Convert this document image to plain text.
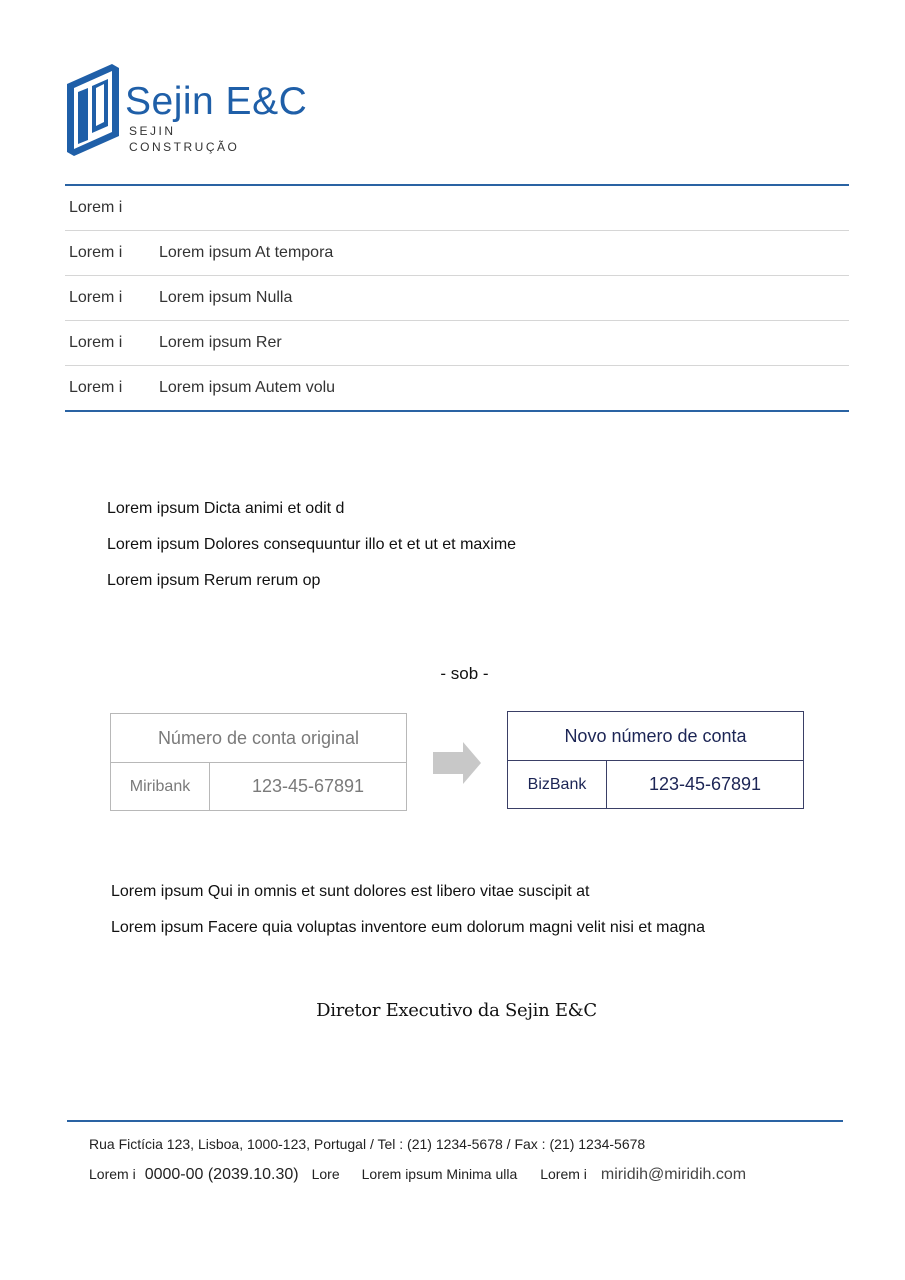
Sejin E&C
SEJIN
CONSTRUÇÃO
Lorem i
Lorem i	Lorem ipsum At tempora
Lorem i	Lorem ipsum Nulla
Lorem i	Lorem ipsum Rer
Lorem i	Lorem ipsum Autem volu
Lorem ipsum Dicta animi et odit d
Lorem ipsum Dolores consequuntur illo et et ut et maxime
Lorem ipsum Rerum rerum op
- sob -
Número de conta original
Miribank	123-45-67891
Novo número de conta
BizBank	123-45-67891
Lorem ipsum Qui in omnis et sunt dolores est libero vitae suscipit at
Lorem ipsum Facere quia voluptas inventore eum dolorum magni velit nisi et magna
Diretor Executivo da Sejin E&C
Rua Fictícia 123, Lisboa, 1000-123, Portugal / Tel : (21) 1234-5678 / Fax : (21) 1234-5678
Lorem i 0000-00 (2039.10.30) Lore Lorem ipsum Minima ulla Lorem i miridih@miridih.com
